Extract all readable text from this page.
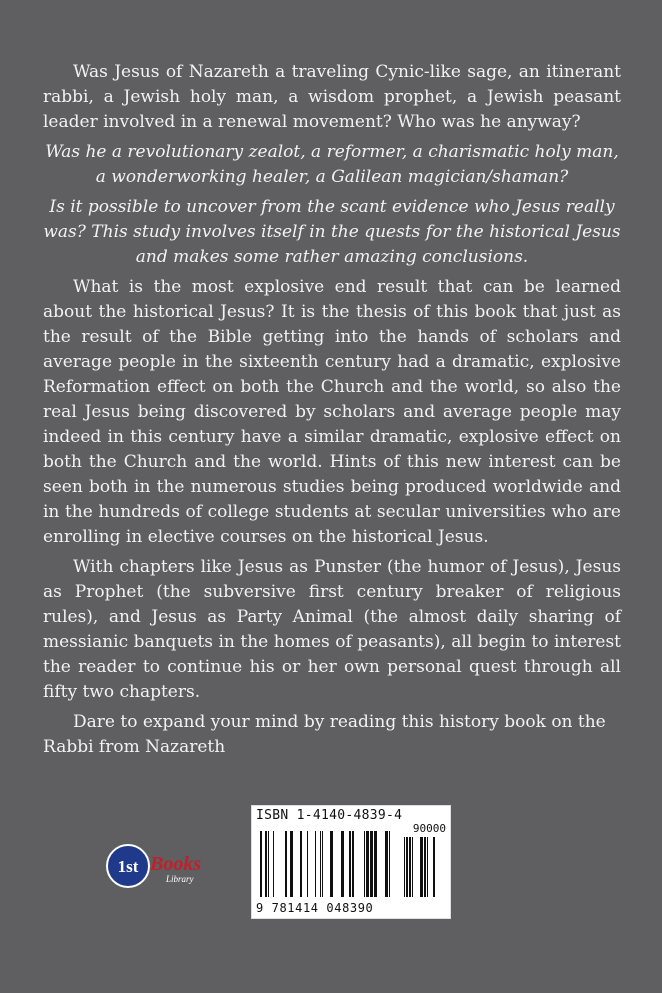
Was Jesus of Nazareth a traveling Cynic-like sage, an itinerant rabbi, a Jewish holy man, a wisdom prophet, a Jewish peasant leader involved in a renewal movement? Who was he anyway?

Was he a revolutionary zealot, a reformer, a charismatic holy man, a wonderworking healer, a Galilean magician/shaman?

Is it possible to uncover from the scant evidence who Jesus really was? This study involves itself in the quests for the historical Jesus and makes some rather amazing conclusions.

What is the most explosive end result that can be learned about the historical Jesus? It is the thesis of this book that just as the result of the Bible getting into the hands of scholars and average people in the sixteenth century had a dramatic, explosive Reformation effect on both the Church and the world, so also the real Jesus being discovered by scholars and average people may indeed in this century have a similar dramatic, explosive effect on both the Church and the world. Hints of this new interest can be seen both in the numerous studies being produced worldwide and in the hundreds of college students at secular universities who are enrolling in elective courses on the historical Jesus.

With chapters like Jesus as Punster (the humor of Jesus), Jesus as Prophet (the subversive first century breaker of religious rules), and Jesus as Party Animal (the almost daily sharing of messianic banquets in the homes of peasants), all begin to interest the reader to continue his or her own personal quest through all fifty two chapters.

Dare to expand your mind by reading this history book on the Rabbi from Nazareth

1st Books
Library
ISBN 1-4140-4839-4
90000
9 781414 048390
